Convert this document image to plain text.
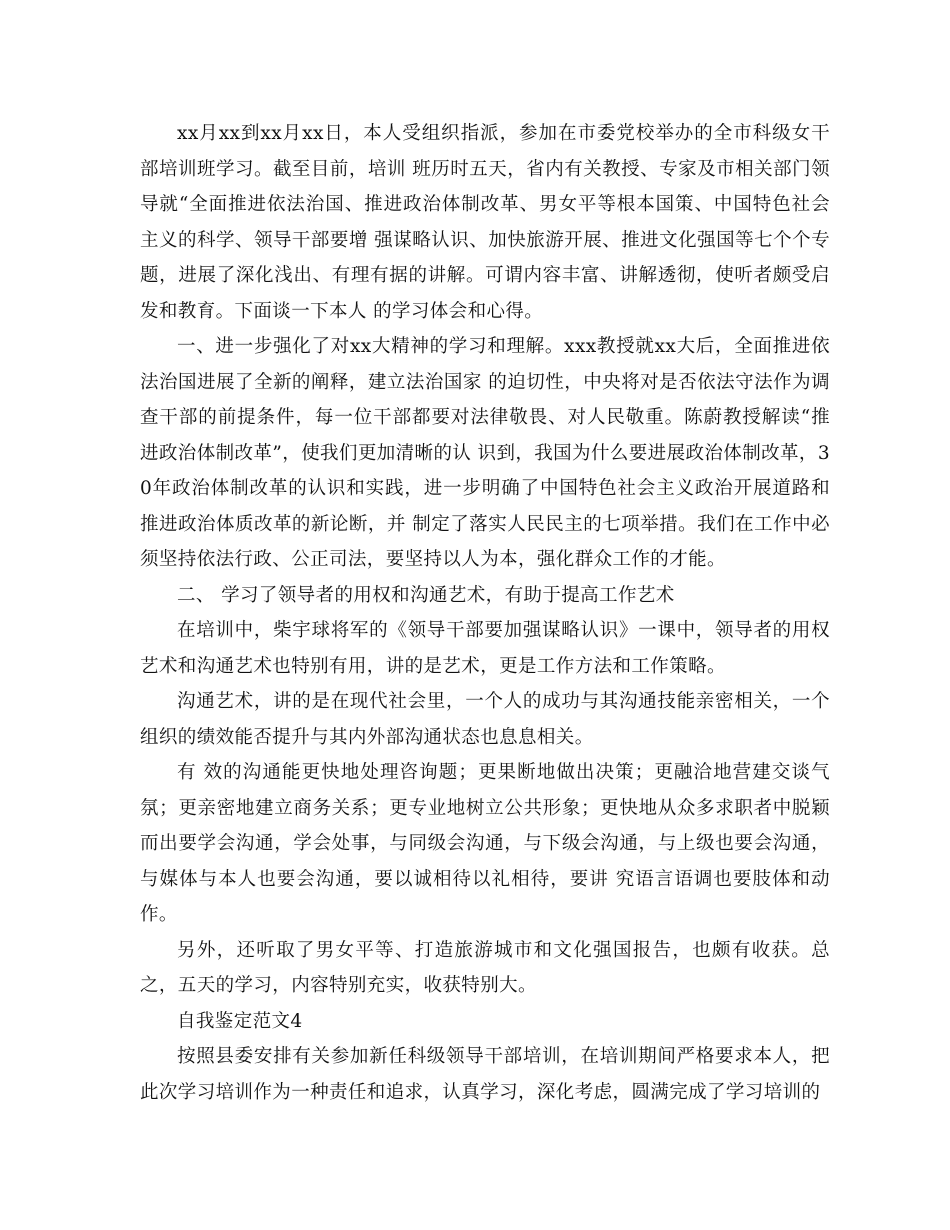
xx月xx到xx月xx日，本人受组织指派，参加在市委党校举办的全市科级女干部培训班学习。截至目前，培训 班历时五天，省内有关教授、专家及市相关部门领导就“全面推进依法治国、推进政治体制改革、男女平等根本国策、中国特色社会主义的科学、领导干部要增 强谋略认识、加快旅游开展、推进文化强国等七个个专题，进展了深化浅出、有理有据的讲解。可谓内容丰富、讲解透彻，使听者颇受启发和教育。下面谈一下本人 的学习体会和心得。

一、进一步强化了对xx大精神的学习和理解。xxx教授就xx大后，全面推进依法治国进展了全新的阐释，建立法治国家 的迫切性，中央将对是否依法守法作为调查干部的前提条件，每一位干部都要对法律敬畏、对人民敬重。陈蔚教授解读“推进政治体制改革”，使我们更加清晰的认 识到，我国为什么要进展政治体制改革，30年政治体制改革的认识和实践，进一步明确了中国特色社会主义政治开展道路和推进政治体质改革的新论断，并 制定了落实人民民主的七项举措。我们在工作中必须坚持依法行政、公正司法，要坚持以人为本，强化群众工作的才能。

二、 学习了领导者的用权和沟通艺术，有助于提高工作艺术

在培训中，柴宇球将军的《领导干部要加强谋略认识》一课中，领导者的用权艺术和沟通艺术也特别有用，讲的是艺术，更是工作方法和工作策略。

沟通艺术，讲的是在现代社会里，一个人的成功与其沟通技能亲密相关，一个组织的绩效能否提升与其内外部沟通状态也息息相关。

有 效的沟通能更快地处理咨询题；更果断地做出决策；更融洽地营建交谈气氛；更亲密地建立商务关系；更专业地树立公共形象；更快地从众多求职者中脱颖而出要学会沟通，学会处事，与同级会沟通，与下级会沟通，与上级也要会沟通，与媒体与本人也要会沟通，要以诚相待以礼相待，要讲 究语言语调也要肢体和动作。

另外，还听取了男女平等、打造旅游城市和文化强国报告，也颇有收获。总之，五天的学习，内容特别充实，收获特别大。

自我鉴定范文4

按照县委安排有关参加新任科级领导干部培训，在培训期间严格要求本人，把此次学习培训作为一种责任和追求，认真学习，深化考虑，圆满完成了学习培训的
